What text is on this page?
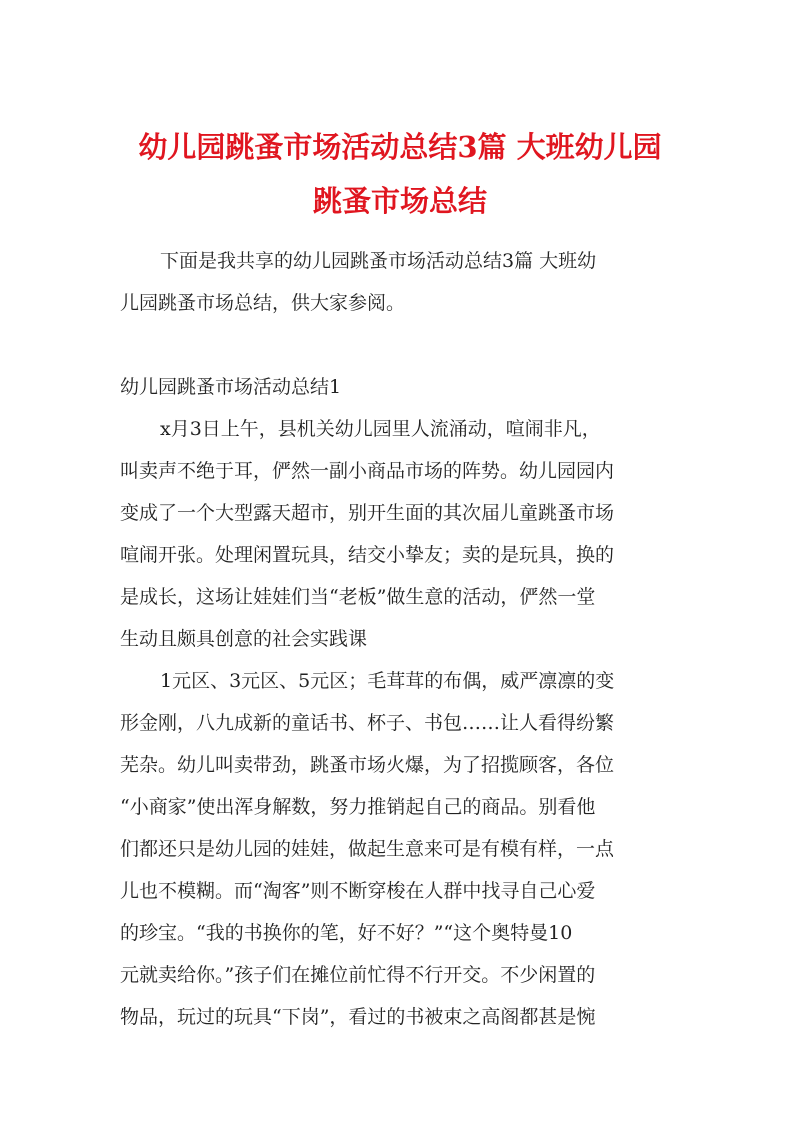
幼儿园跳蚤市场活动总结3篇 大班幼儿园
跳蚤市场总结
下面是我共享的幼儿园跳蚤市场活动总结3篇 大班幼
儿园跳蚤市场总结，供大家参阅。
幼儿园跳蚤市场活动总结1
x月3日上午，县机关幼儿园里人流涌动，喧闹非凡，
叫卖声不绝于耳，俨然一副小商品市场的阵势。幼儿园园内
变成了一个大型露天超市，别开生面的其次届儿童跳蚤市场
喧闹开张。处理闲置玩具，结交小挚友；卖的是玩具，换的
是成长，这场让娃娃们当“老板”做生意的活动，俨然一堂
生动且颇具创意的社会实践课
1元区、3元区、5元区；毛茸茸的布偶，威严凛凛的变
形金刚，八九成新的童话书、杯子、书包……让人看得纷繁
芜杂。幼儿叫卖带劲，跳蚤市场火爆，为了招揽顾客，各位
“小商家”使出浑身解数，努力推销起自己的商品。别看他
们都还只是幼儿园的娃娃，做起生意来可是有模有样，一点
儿也不模糊。而“淘客”则不断穿梭在人群中找寻自己心爱
的珍宝。“我的书换你的笔，好不好？”“这个奥特曼10
元就卖给你。”孩子们在摊位前忙得不行开交。不少闲置的
物品，玩过的玩具“下岗”，看过的书被束之高阁都甚是惋
